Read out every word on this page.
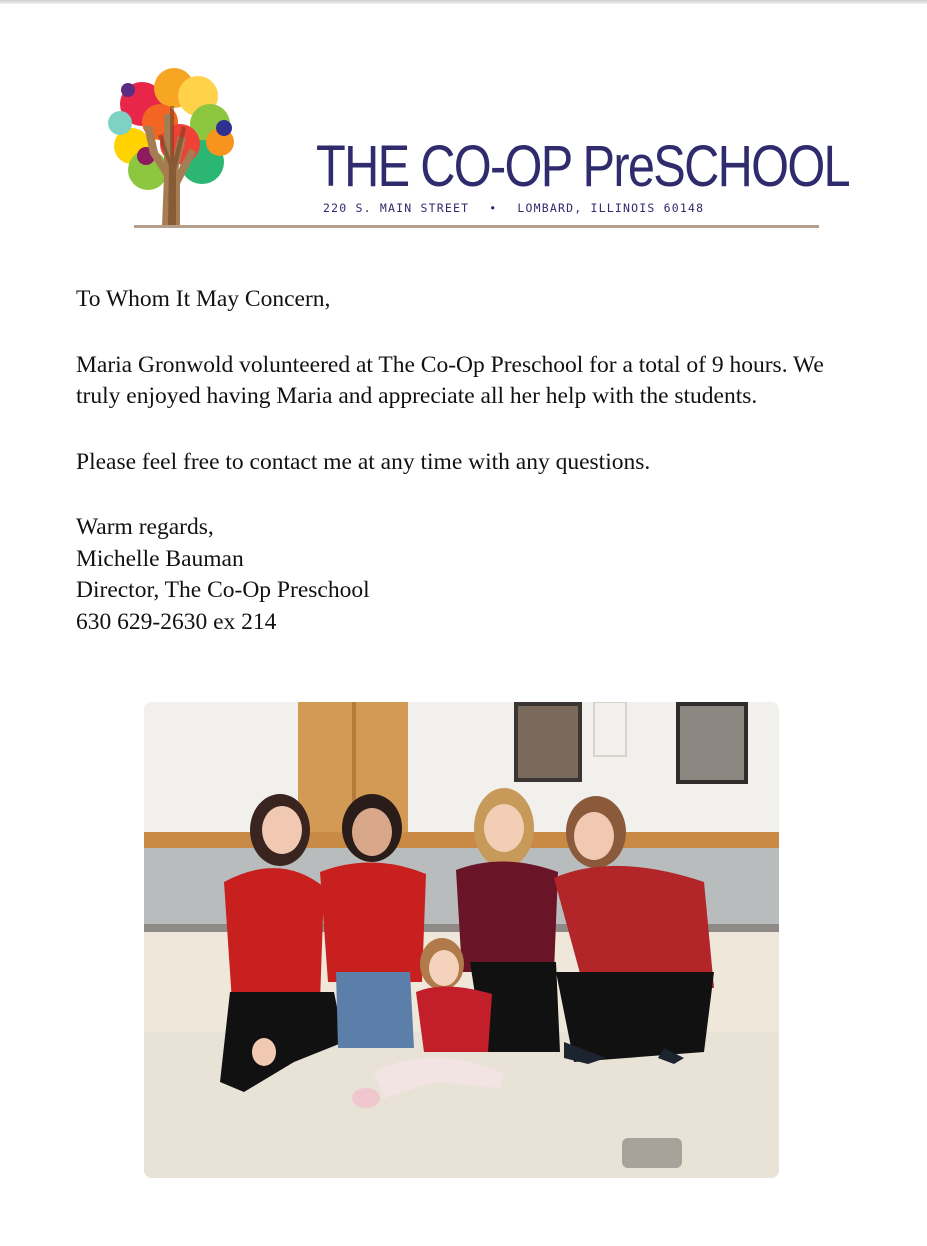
THE CO-OP PreSCHOOL
220 S. MAIN STREET • LOMBARD, ILLINOIS 60148

To Whom It May Concern,

Maria Gronwold volunteered at The Co-Op Preschool for a total of 9 hours. We truly enjoyed having Maria and appreciate all her help with the students.

Please feel free to contact me at any time with any questions.

Warm regards,

Michelle Bauman

Director, The Co-Op Preschool

630 629-2630 ex 214
